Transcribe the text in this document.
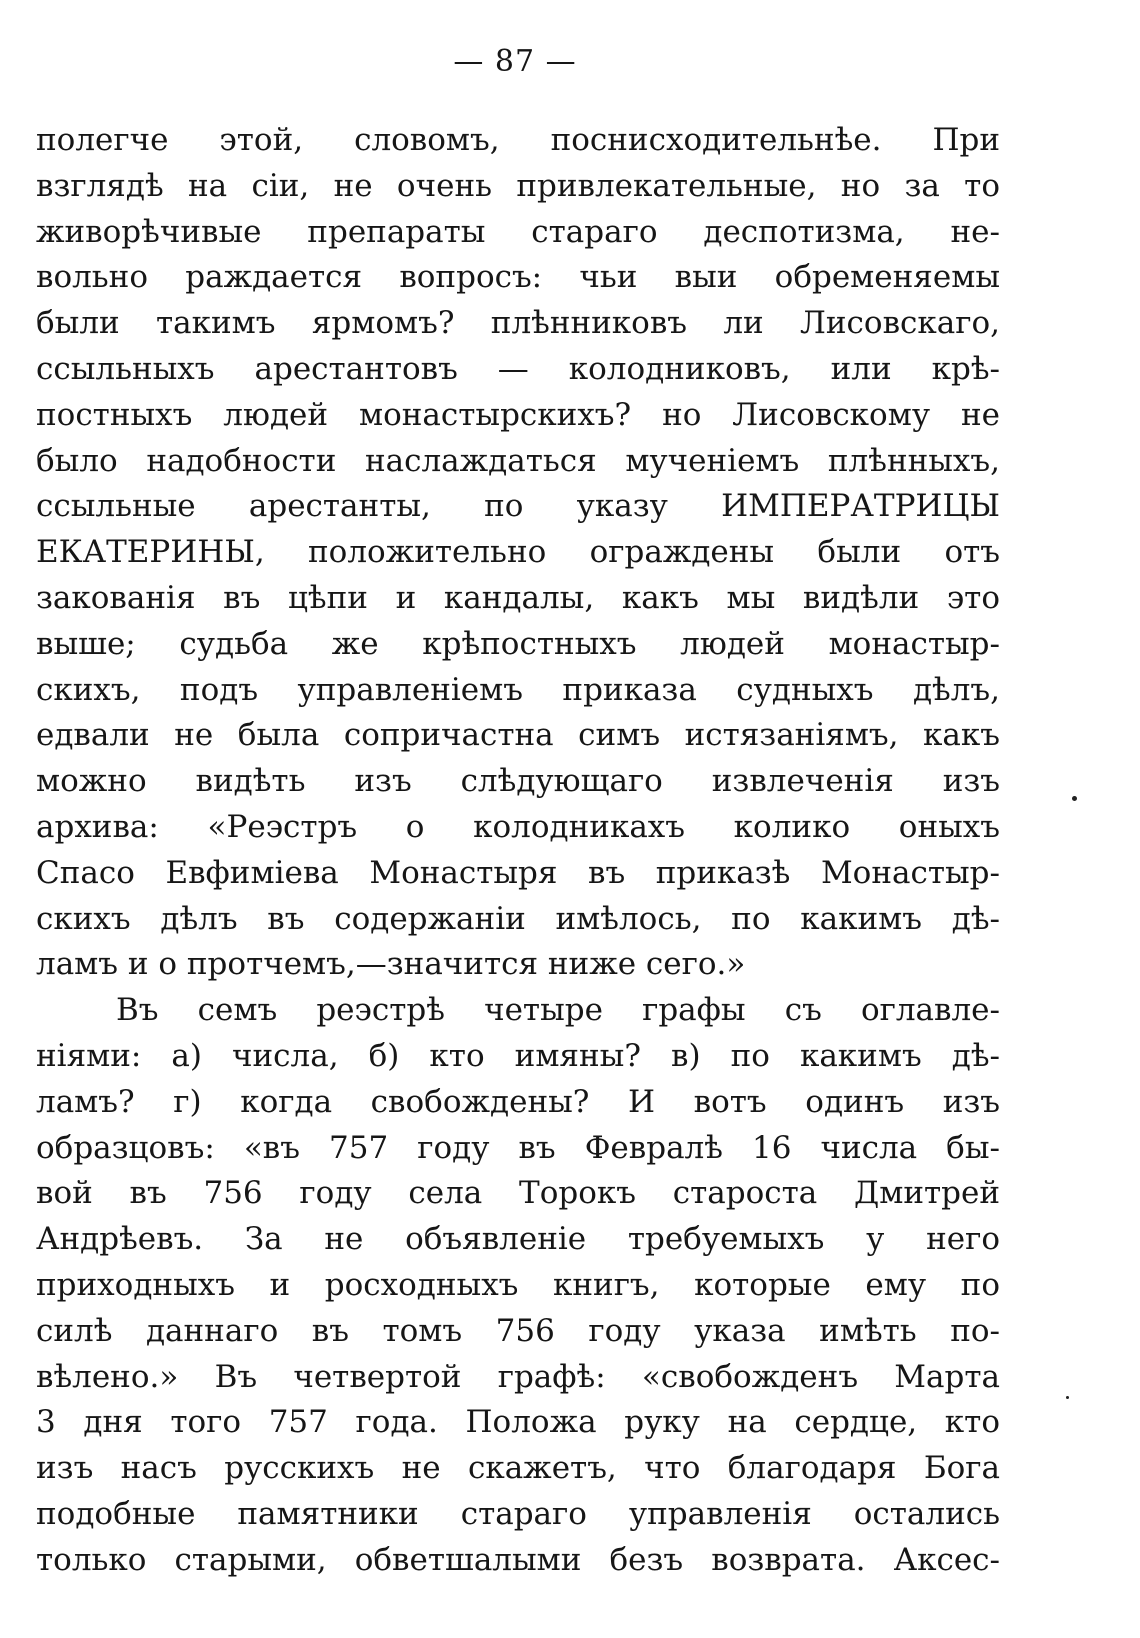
— 87 —
полегче этой, словомъ, поснисходительнѣе. При
взглядѣ на сіи, не очень привлекательные, но за то
живорѣчивые препараты стараго деспотизма, не-
вольно раждается вопросъ: чьи выи обременяемы
были такимъ ярмомъ? плѣнниковъ ли Лисовскаго,
ссыльныхъ арестантовъ — колодниковъ, или крѣ-
постныхъ людей монастырскихъ? но Лисовскому не
было надобности наслаждаться мученіемъ плѣнныхъ,
ссыльные арестанты, по указу ИМПЕРАТРИЦЫ
ЕКАТЕРИНЫ, положительно ограждены были отъ
закованія въ цѣпи и кандалы, какъ мы видѣли это
выше; судьба же крѣпостныхъ людей монастыр-
скихъ, подъ управленіемъ приказа судныхъ дѣлъ,
едвали не была сопричастна симъ истязаніямъ, какъ
можно видѣть изъ слѣдующаго извлеченія изъ
архива: «Реэстръ о колодникахъ колико оныхъ
Спасо Евфиміева Монастыря въ приказѣ Монастыр-
скихъ дѣлъ въ содержаніи имѣлось, по какимъ дѣ-
ламъ и о протчемъ,—значится ниже сего.»
Въ семъ реэстрѣ четыре графы съ оглавле-
ніями: а) числа, б) кто имяны? в) по какимъ дѣ-
ламъ? г) когда свобождены? И вотъ одинъ изъ
образцовъ: «въ 757 году въ Февралѣ 16 числа бы-
вой въ 756 году села Торокъ староста Дмитрей
Андрѣевъ. За не объявленіе требуемыхъ у него
приходныхъ и росходныхъ книгъ, которые ему по
силѣ даннаго въ томъ 756 году указа имѣть по-
вѣлено.» Въ четвертой графѣ: «свобожденъ Марта
3 дня того 757 года. Положа руку на сердце, кто
изъ насъ русскихъ не скажетъ, что благодаря Бога
подобные памятники стараго управленія остались
только старыми, обветшалыми безъ возврата. Аксес-
